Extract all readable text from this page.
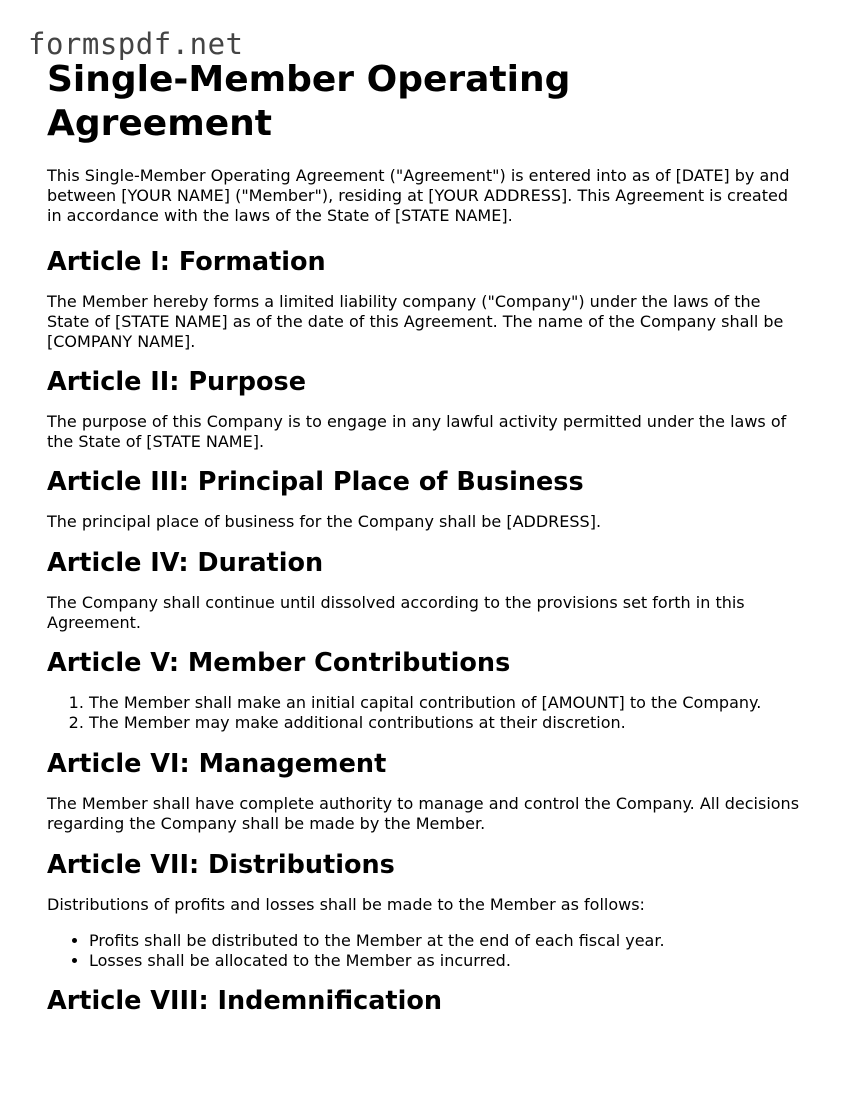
formspdf.net
Single-Member Operating Agreement

This Single-Member Operating Agreement ("Agreement") is entered into as of [DATE] by and between [YOUR NAME] ("Member"), residing at [YOUR ADDRESS]. This Agreement is created in accordance with the laws of the State of [STATE NAME].

Article I: Formation

The Member hereby forms a limited liability company ("Company") under the laws of the State of [STATE NAME] as of the date of this Agreement. The name of the Company shall be [COMPANY NAME].

Article II: Purpose

The purpose of this Company is to engage in any lawful activity permitted under the laws of the State of [STATE NAME].

Article III: Principal Place of Business

The principal place of business for the Company shall be [ADDRESS].

Article IV: Duration

The Company shall continue until dissolved according to the provisions set forth in this Agreement.

Article V: Member Contributions
1. The Member shall make an initial capital contribution of [AMOUNT] to the Company.
2. The Member may make additional contributions at their discretion.
Article VI: Management

The Member shall have complete authority to manage and control the Company. All decisions regarding the Company shall be made by the Member.

Article VII: Distributions

Distributions of profits and losses shall be made to the Member as follows:

• Profits shall be distributed to the Member at the end of each fiscal year.
• Losses shall be allocated to the Member as incurred.
Article VIII: Indemnification
